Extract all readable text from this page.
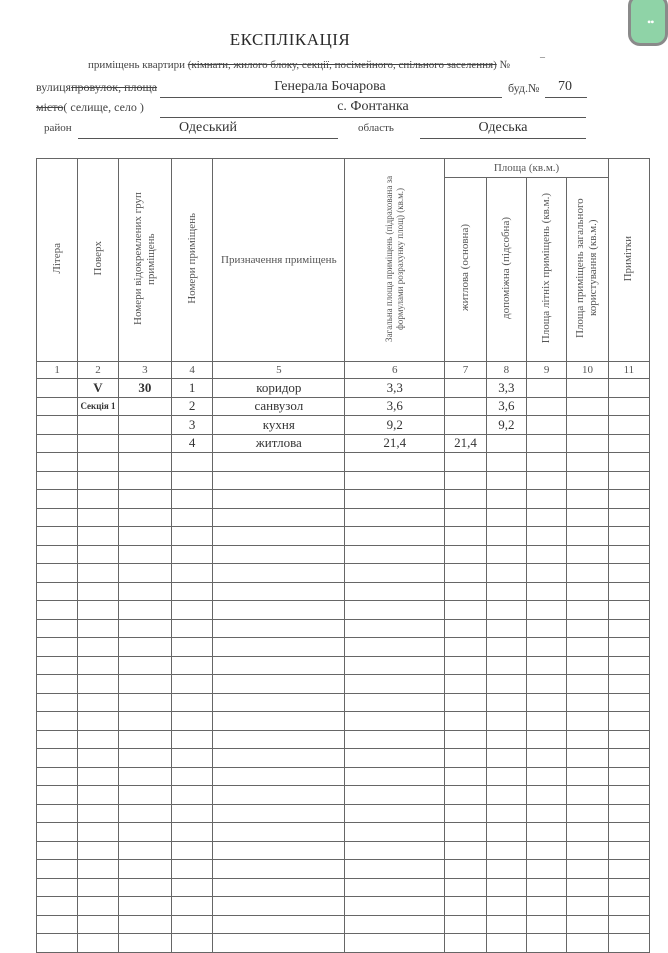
••
ЕКСПЛІКАЦІЯ
приміщень квартири (кімнати, жилого блоку, секції, посімейного, спільного заселення) №
–
вулицяпровулок, площа	Генерала Бочарова	буд.№	70
місто( селище, село )	с. Фонтанка
район	Одеський	область	Одеська
Літера	Поверх	Номери відокремлених груп приміщень	Номери приміщень	Призначення приміщень	Загальна площа приміщень (підрахована за формулами розрахунку площ) (кв.м.)	Площа (кв.м.)				Примітки
						житлова (основна)	допоміжна (підсобна)	Площа літніх приміщень (кв.м.)	Площа приміщень загального користування (кв.м.)	
1	2	3	4	5	6	7	8	9	10	11
	V	30	1	коридор	3,3		3,3			
	Секція 1		2	санвузол	3,6		3,6			
			3	кухня	9,2		9,2			
			4	житлова	21,4	21,4				
